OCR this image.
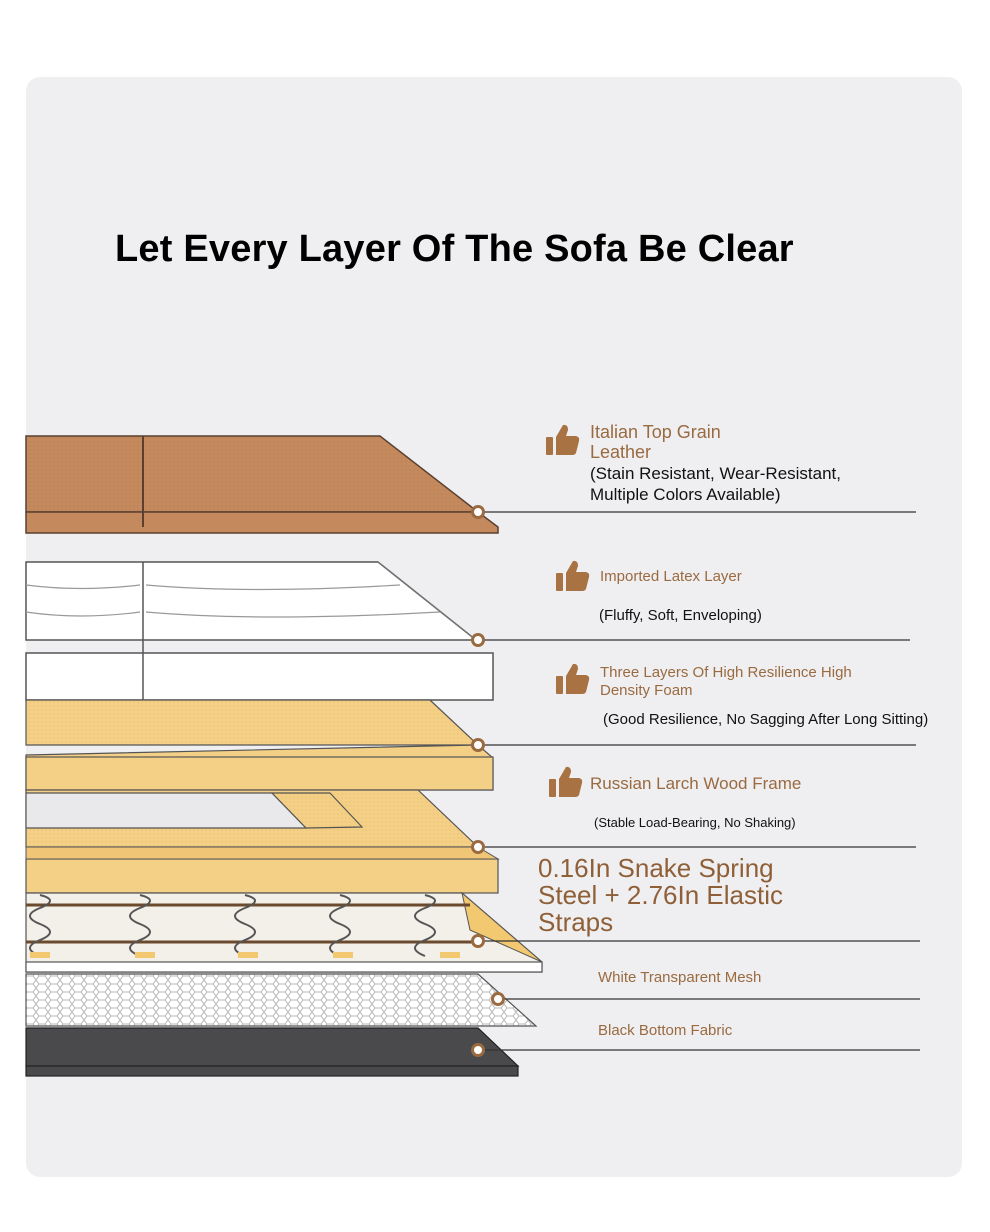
Let Every Layer Of The Sofa Be Clear
Italian Top Grain Leather
(Stain Resistant, Wear-Resistant, Multiple Colors Available)
Imported Latex Layer
(Fluffy, Soft, Enveloping)
Three Layers Of High Resilience High Density Foam
(Good Resilience, No Sagging After Long Sitting)
Russian Larch Wood Frame
(Stable Load-Bearing, No Shaking)
0.16In Snake Spring Steel + 2.76In Elastic Straps
White Transparent Mesh
Black Bottom Fabric
